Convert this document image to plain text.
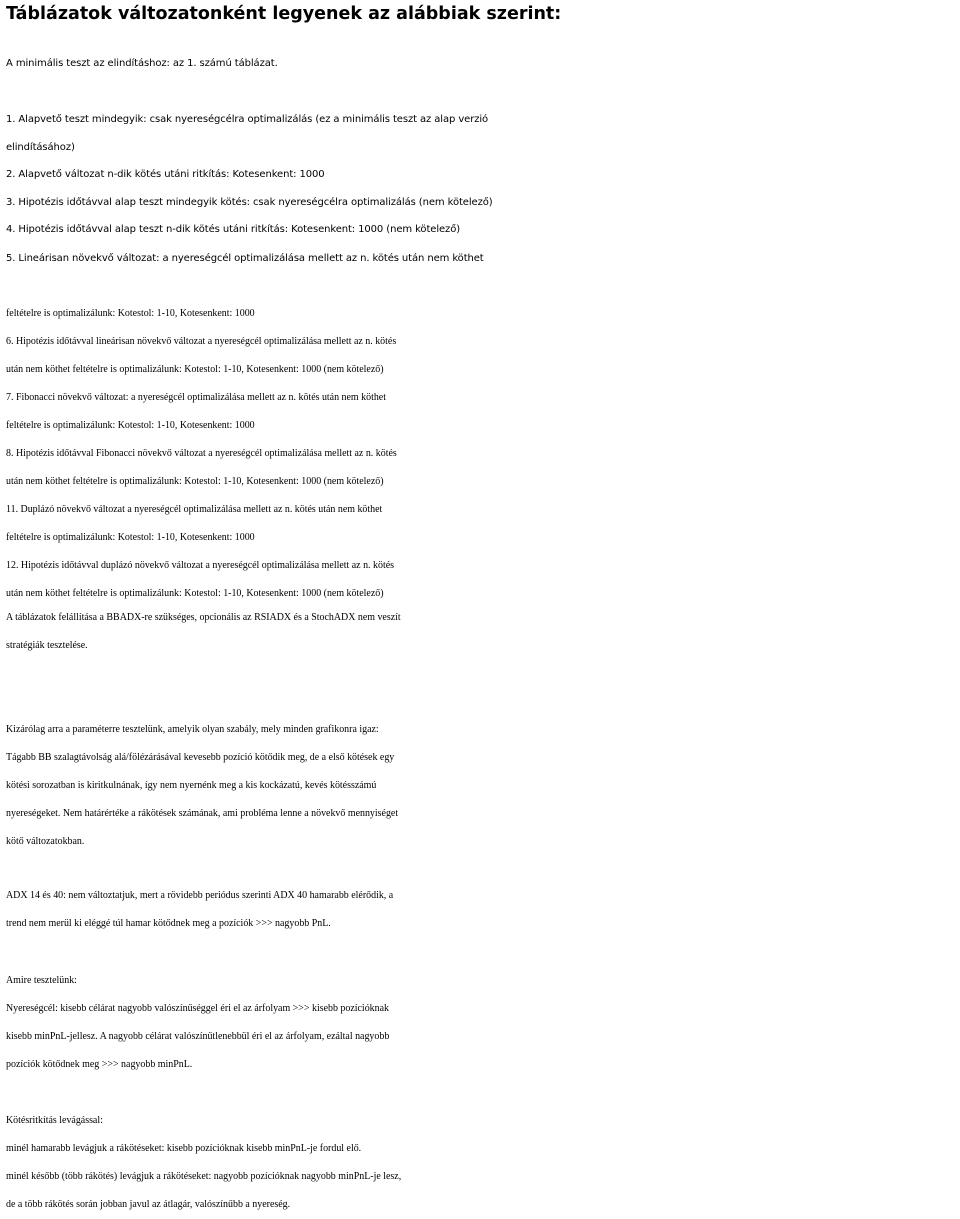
Táblázatok változatonként legyenek az alábbiak szerint:
A minimális teszt az elindításhoz: az 1. számú táblázat.
1. Alapvető teszt mindegyik: csak nyereségcélra optimalizálás (ez a minimális teszt az alap verzió
elindításához)
2. Alapvető változat n-dik kötés utáni ritkítás: Kotesenkent: 1000
3. Hipotézis időtávval alap teszt mindegyik kötés: csak nyereségcélra optimalizálás (nem kötelező)
4. Hipotézis időtávval alap teszt n-dik kötés utáni ritkítás: Kotesenkent: 1000 (nem kötelező)
5. Lineárisan növekvő változat: a nyereségcél optimalizálása mellett az n. kötés után nem köthet
feltételre is optimalizálunk: Kotestol: 1-10, Kotesenkent: 1000
6. Hipotézis időtávval lineárisan növekvő változat a nyereségcél optimalizálása mellett az n. kötés
után nem köthet feltételre is optimalizálunk: Kotestol: 1-10, Kotesenkent: 1000 (nem kötelező)
7. Fibonacci növekvő változat: a nyereségcél optimalizálása mellett az n. kötés után nem köthet
feltételre is optimalizálunk: Kotestol: 1-10, Kotesenkent: 1000
8. Hipotézis időtávval Fibonacci növekvő változat a nyereségcél optimalizálása mellett az n. kötés
után nem köthet feltételre is optimalizálunk: Kotestol: 1-10, Kotesenkent: 1000 (nem kötelező)
11. Duplázó növekvő változat a nyereségcél optimalizálása mellett az n. kötés után nem köthet
feltételre is optimalizálunk: Kotestol: 1-10, Kotesenkent: 1000
12. Hipotézis időtávval duplázó növekvő változat a nyereségcél optimalizálása mellett az n. kötés
után nem köthet feltételre is optimalizálunk: Kotestol: 1-10, Kotesenkent: 1000 (nem kötelező)
A táblázatok felállítása a BBADX-re szükséges, opcionális az RSIADX és a StochADX nem veszít
stratégiák tesztelése.
Kizárólag arra a paraméterre tesztelünk, amelyik olyan szabály, mely minden grafikonra igaz:
Tágabb BB szalagtávolság alá/fölézárásával kevesebb pozíció kötődik meg, de a első kötések egy
kötési sorozatban is kiritkulnának, így nem nyernénk meg a kis kockázatú, kevés kötésszámú
nyereségeket. Nem határértéke a rákötések számának, ami probléma lenne a növekvő mennyiséget
kötő változatokban.
ADX 14 és 40: nem változtatjuk, mert a rövidebb periódus szerinti ADX 40 hamarabb elérődik, a
trend nem merül ki eléggé túl hamar kötődnek meg a pozíciók >>> nagyobb PnL.
Amire tesztelünk:
Nyereségcél: kisebb célárat nagyobb valószínűséggel éri el az árfolyam >>> kisebb pozícióknak
kisebb minPnL-jellesz. A nagyobb célárat valószínűtlenebbül éri el az árfolyam, ezáltal nagyobb
pozíciók kötődnek meg >>> nagyobb minPnL.
Kötésritkítás levágással:
minél hamarabb levágjuk a rákötéseket: kisebb pozícióknak kisebb minPnL-je fordul elő.
minél később (több rákötés) levágjuk a rákötéseket: nagyobb pozícióknak nagyobb minPnL-je lesz,
de a több rákötés során jobban javul az átlagár, valószínűbb a nyereség.
